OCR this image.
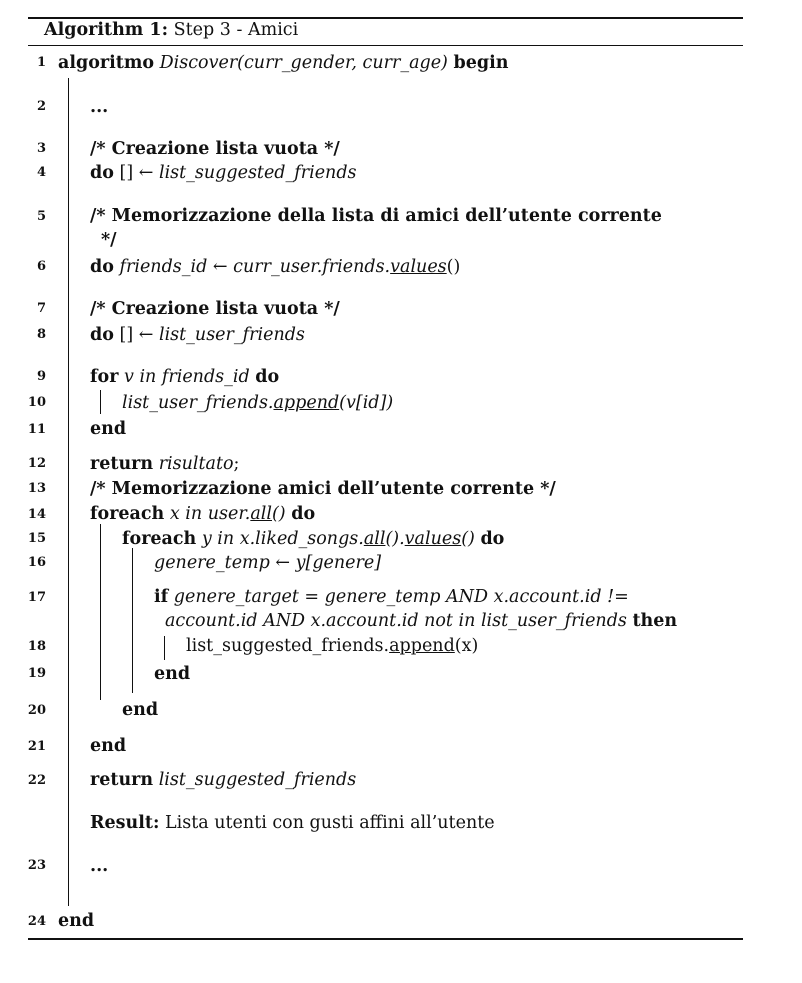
Algorithm 1: Step 3 - Amici
1
2
3
4
5
6
7
8
9
10
11
12
13
14
15
16
17
18
19
20
21
22
23
24
algoritmo Discover(curr_gender, curr_age) begin
...
/* Creazione lista vuota */
do [] ← list_suggested_friends
/* Memorizzazione della lista di amici dell’utente corrente
*/
do friends_id ← curr_user.friends.values()
/* Creazione lista vuota */
do [] ← list_user_friends
for v in friends_id do
list_user_friends.append(v[id])
end
return risultato;
/* Memorizzazione amici dell’utente corrente */
foreach x in user.all() do
foreach y in x.liked_songs.all().values() do
genere_temp ← y[genere]
if genere_target = genere_temp AND x.account.id !=
account.id AND x.account.id not in list_user_friends then
list_suggested_friends.append(x)
end
end
end
return list_suggested_friends
Result: Lista utenti con gusti affini all’utente
...
end
